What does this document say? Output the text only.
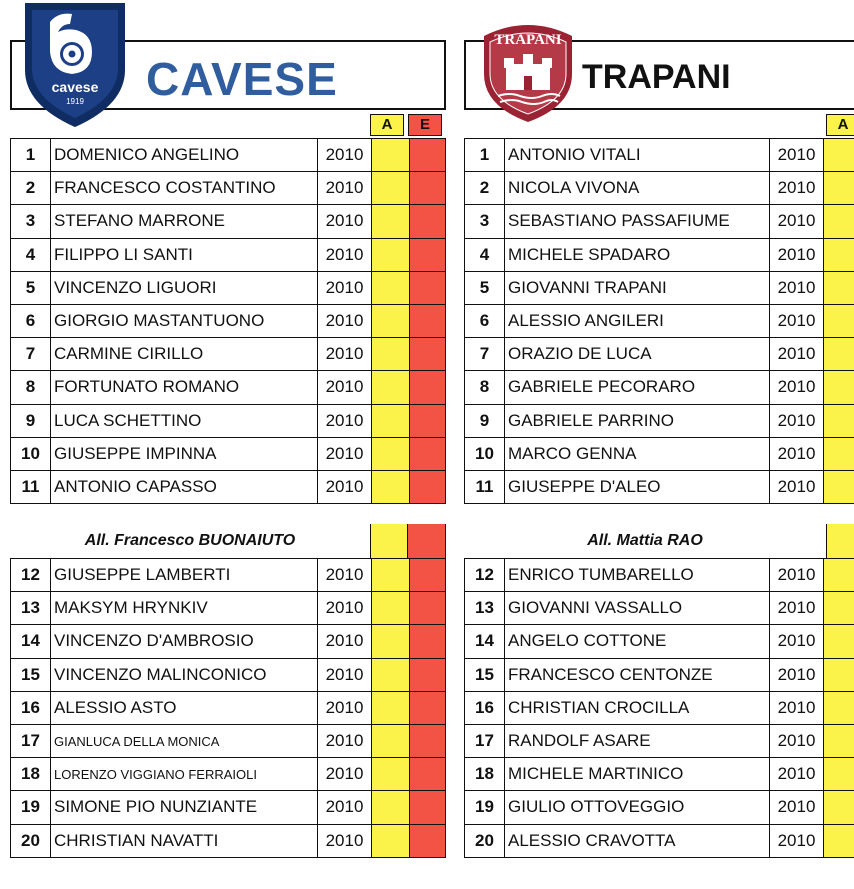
cavese
1919 CAVESE
A	E
1	DOMENICO ANGELINO	2010		
2	FRANCESCO COSTANTINO	2010		
3	STEFANO MARRONE	2010		
4	FILIPPO LI SANTI	2010		
5	VINCENZO LIGUORI	2010		
6	GIORGIO MASTANTUONO	2010		
7	CARMINE CIRILLO	2010		
8	FORTUNATO ROMANO	2010		
9	LUCA SCHETTINO	2010		
10	GIUSEPPE IMPINNA	2010		
11	ANTONIO CAPASSO	2010		
All. Francesco BUONAIUTO
12	GIUSEPPE LAMBERTI	2010		
13	MAKSYM HRYNKIV	2010		
14	VINCENZO D'AMBROSIO	2010		
15	VINCENZO MALINCONICO	2010		
16	ALESSIO ASTO	2010		
17	GIANLUCA DELLA MONICA	2010		
18	LORENZO VIGGIANO FERRAIOLI	2010		
19	SIMONE PIO NUNZIANTE	2010		
20	CHRISTIAN NAVATTI	2010		
TRAPANI
TRAPANI
A
1	ANTONIO VITALI	2010	
2	NICOLA VIVONA	2010	
3	SEBASTIANO PASSAFIUME	2010	
4	MICHELE SPADARO	2010	
5	GIOVANNI TRAPANI	2010	
6	ALESSIO ANGILERI	2010	
7	ORAZIO DE LUCA	2010	
8	GABRIELE PECORARO	2010	
9	GABRIELE PARRINO	2010	
10	MARCO GENNA	2010	
11	GIUSEPPE D'ALEO	2010	
All. Mattia RAO
12	ENRICO TUMBARELLO	2010	
13	GIOVANNI VASSALLO	2010	
14	ANGELO COTTONE	2010	
15	FRANCESCO CENTONZE	2010	
16	CHRISTIAN CROCILLA	2010	
17	RANDOLF ASARE	2010	
18	MICHELE MARTINICO	2010	
19	GIULIO OTTOVEGGIO	2010	
20	ALESSIO CRAVOTTA	2010	
